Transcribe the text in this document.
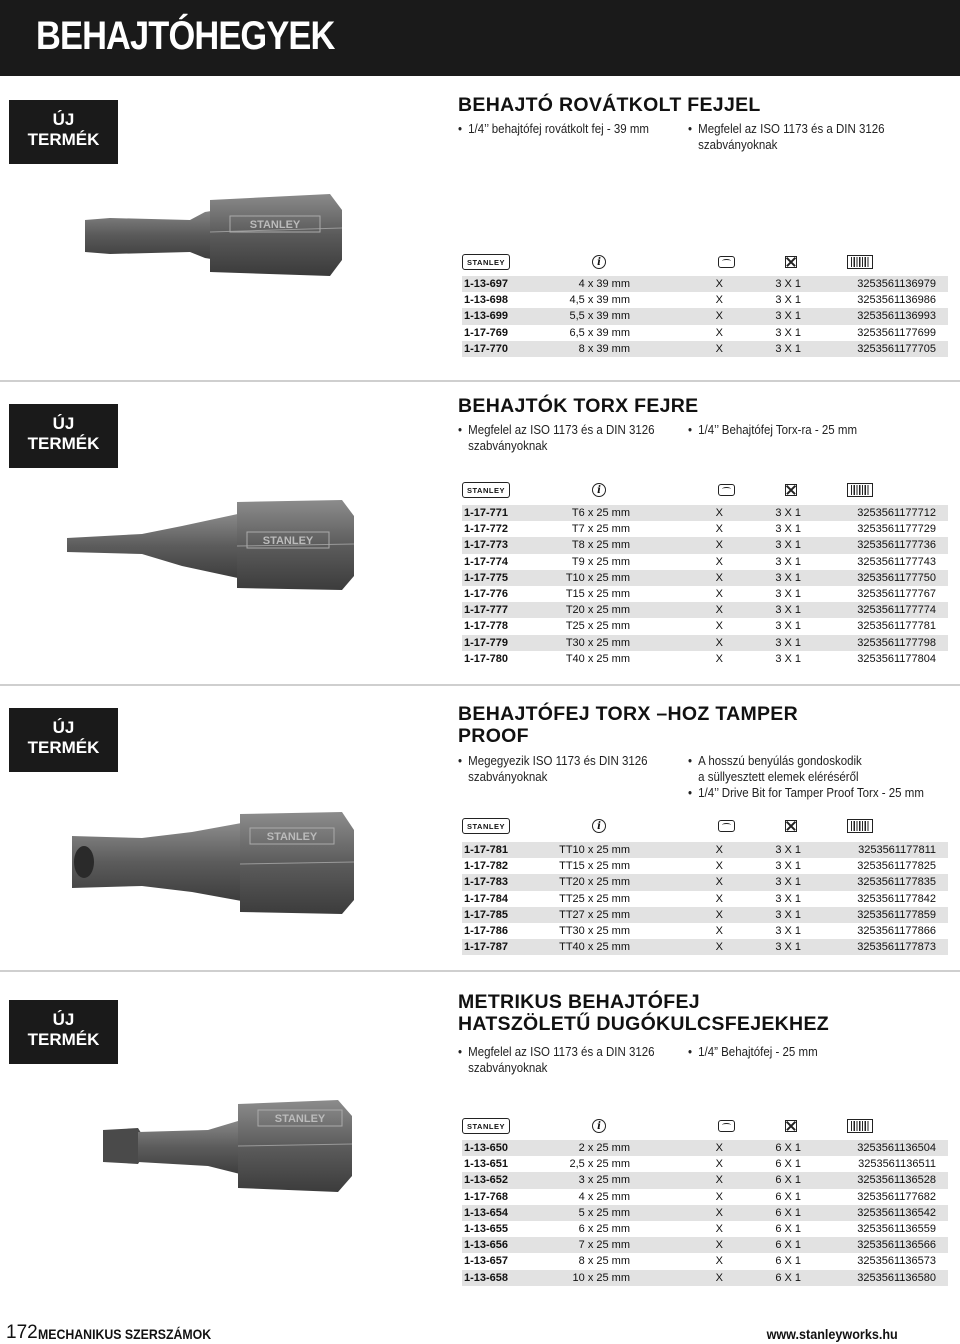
BEHAJTÓHEGYEK
ÚJ
TERMÉK
BEHAJTÓ ROVÁTKOLT FEJJEL
• 1/4’’ behajtófej rovátkolt fej - 39 mm	• Megfelel az ISO 1173 és a DIN 3126
szabványoknak
STANLEY
STANLEY	i
1-13-697	4 x 39 mm	X	3 X 1	3253561136979
1-13-698	4,5 x 39 mm	X	3 X 1	3253561136986
1-13-699	5,5 x 39 mm	X	3 X 1	3253561136993
1-17-769	6,5 x 39 mm	X	3 X 1	3253561177699
1-17-770	8 x 39 mm	X	3 X 1	3253561177705
ÚJ
TERMÉK
BEHAJTÓK TORX FEJRE
• Megfelel az ISO 1173 és a DIN 3126
szabványoknak
• 1/4’’ Behajtófej Torx-ra - 25 mm
STANLEY
STANLEY	i
1-17-771	T6 x 25 mm	X	3 X 1	3253561177712
1-17-772	T7 x 25 mm	X	3 X 1	3253561177729
1-17-773	T8 x 25 mm	X	3 X 1	3253561177736
1-17-774	T9 x 25 mm	X	3 X 1	3253561177743
1-17-775	T10 x 25 mm	X	3 X 1	3253561177750
1-17-776	T15 x 25 mm	X	3 X 1	3253561177767
1-17-777	T20 x 25 mm	X	3 X 1	3253561177774
1-17-778	T25 x 25 mm	X	3 X 1	3253561177781
1-17-779	T30 x 25 mm	X	3 X 1	3253561177798
1-17-780	T40 x 25 mm	X	3 X 1	3253561177804
ÚJ
TERMÉK
BEHAJTÓFEJ TORX –HOZ TAMPER
PROOF
• Megegyezik ISO 1173 és DIN 3126
szabványoknak
• A hosszú benyúlás gondoskodik
a süllyesztett elemek eléréséről
• 1/4’’ Drive Bit for Tamper Proof Torx - 25 mm
STANLEY
STANLEY	i
1-17-781	TT10 x 25 mm	X	3 X 1	3253561177811
1-17-782	TT15 x 25 mm	X	3 X 1	3253561177825
1-17-783	TT20 x 25 mm	X	3 X 1	3253561177835
1-17-784	TT25 x 25 mm	X	3 X 1	3253561177842
1-17-785	TT27 x 25 mm	X	3 X 1	3253561177859
1-17-786	TT30 x 25 mm	X	3 X 1	3253561177866
1-17-787	TT40 x 25 mm	X	3 X 1	3253561177873
ÚJ
TERMÉK
METRIKUS BEHAJTÓFEJ
HATSZÖLETŰ DUGÓKULCSFEJEKHEZ
• Megfelel az ISO 1173 és a DIN 3126
szabványoknak
• 1/4” Behajtófej - 25 mm
STANLEY
STANLEY	i
1-13-650	2 x 25 mm	X	6 X 1	3253561136504
1-13-651	2,5 x 25 mm	X	6 X 1	3253561136511
1-13-652	3 x 25 mm	X	6 X 1	3253561136528
1-17-768	4 x 25 mm	X	6 X 1	3253561177682
1-13-654	5 x 25 mm	X	6 X 1	3253561136542
1-13-655	6 x 25 mm	X	6 X 1	3253561136559
1-13-656	7 x 25 mm	X	6 X 1	3253561136566
1-13-657	8 x 25 mm	X	6 X 1	3253561136573
1-13-658	10 x 25 mm	X	6 X 1	3253561136580
172 MECHANIKUS SZERSZÁMOK	www.stanleyworks.hu
